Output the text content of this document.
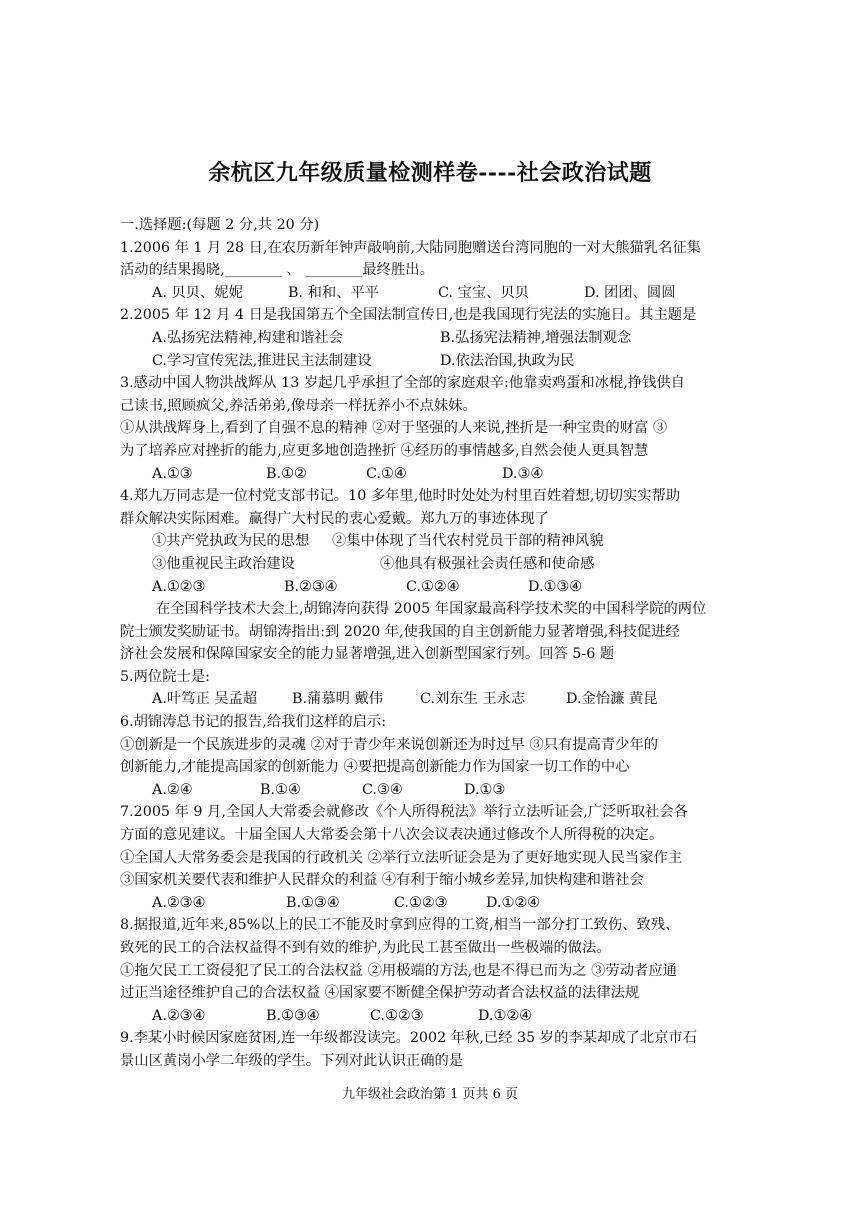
余杭区九年级质量检测样卷----社会政治试题

一.选择题:(每题 2 分,共 20 分)

1.2006 年 1 月 28 日,在农历新年钟声敲响前,大陆同胞赠送台湾同胞的一对大熊猫乳名征集

活动的结果揭晓,________ 、 ________最终胜出。

A. 贝贝、妮妮	B. 和和、平平	C. 宝宝、贝贝	D. 团团、圆圆

2.2005 年 12 月 4 日是我国第五个全国法制宣传日,也是我国现行宪法的实施日。其主题是

A.弘扬宪法精神,构建和谐社会	B.弘扬宪法精神,增强法制观念
C.学习宣传宪法,推进民主法制建设	D.依法治国,执政为民

3.感动中国人物洪战辉从 13 岁起几乎承担了全部的家庭艰辛:他靠卖鸡蛋和冰棍,挣钱供自

己读书,照顾疯父,养活弟弟,像母亲一样抚养小不点妹妹。

①从洪战辉身上,看到了自强不息的精神 ②对于坚强的人来说,挫折是一种宝贵的财富 ③

为了培养应对挫折的能力,应更多地创造挫折 ④经历的事情越多,自然会使人更具智慧

A.①③	B.①②	C.①④	D.③④

4.郑九万同志是一位村党支部书记。10 多年里,他时时处处为村里百姓着想,切切实实帮助

群众解决实际困难。赢得广大村民的衷心爱戴。郑九万的事迹体现了

①共产党执政为民的思想	②集中体现了当代农村党员干部的精神风貌
③他重视民主政治建设	④他具有极强社会责任感和使命感
A.①②③	B.②③④	C.①②④	D.①③④

在全国科学技术大会上,胡锦涛向获得 2005 年国家最高科学技术奖的中国科学院的两位

院士颁发奖励证书。胡锦涛指出:到 2020 年,使我国的自主创新能力显著增强,科技促进经

济社会发展和保障国家安全的能力显著增强,进入创新型国家行列。回答 5-6 题

5.两位院士是:

A.叶笃正 吴孟超	B.蒲慕明 戴伟	C.刘东生 王永志	D.金怡濂 黄昆

6.胡锦涛总书记的报告,给我们这样的启示:

①创新是一个民族进步的灵魂 ②对于青少年来说创新还为时过早 ③只有提高青少年的

创新能力,才能提高国家的创新能力 ④要把提高创新能力作为国家一切工作的中心

A.②④	B.①④	C.③④	D.①③

7.2005 年 9 月,全国人大常委会就修改《个人所得税法》举行立法听证会,广泛听取社会各

方面的意见建议。十届全国人大常委会第十八次会议表决通过修改个人所得税的决定。

①全国人大常务委会是我国的行政机关 ②举行立法听证会是为了更好地实现人民当家作主

③国家机关要代表和维护人民群众的利益 ④有利于缩小城乡差异,加快构建和谐社会

A.②③④	B.①③④	C.①②③	D.①②④

8.据报道,近年来,85%以上的民工不能及时拿到应得的工资,相当一部分打工致伤、致残、

致死的民工的合法权益得不到有效的维护,为此民工甚至做出一些极端的做法。

①拖欠民工工资侵犯了民工的合法权益 ②用极端的方法,也是不得已而为之 ③劳动者应通

过正当途径维护自己的合法权益 ④国家要不断健全保护劳动者合法权益的法律法规

A.②③④	B.①③④	C.①②③	D.①②④

9.李某小时候因家庭贫困,连一年级都没读完。2002 年秋,已经 35 岁的李某却成了北京市石

景山区黄岗小学二年级的学生。下列对此认识正确的是

九年级社会政治第 1 页共 6 页
